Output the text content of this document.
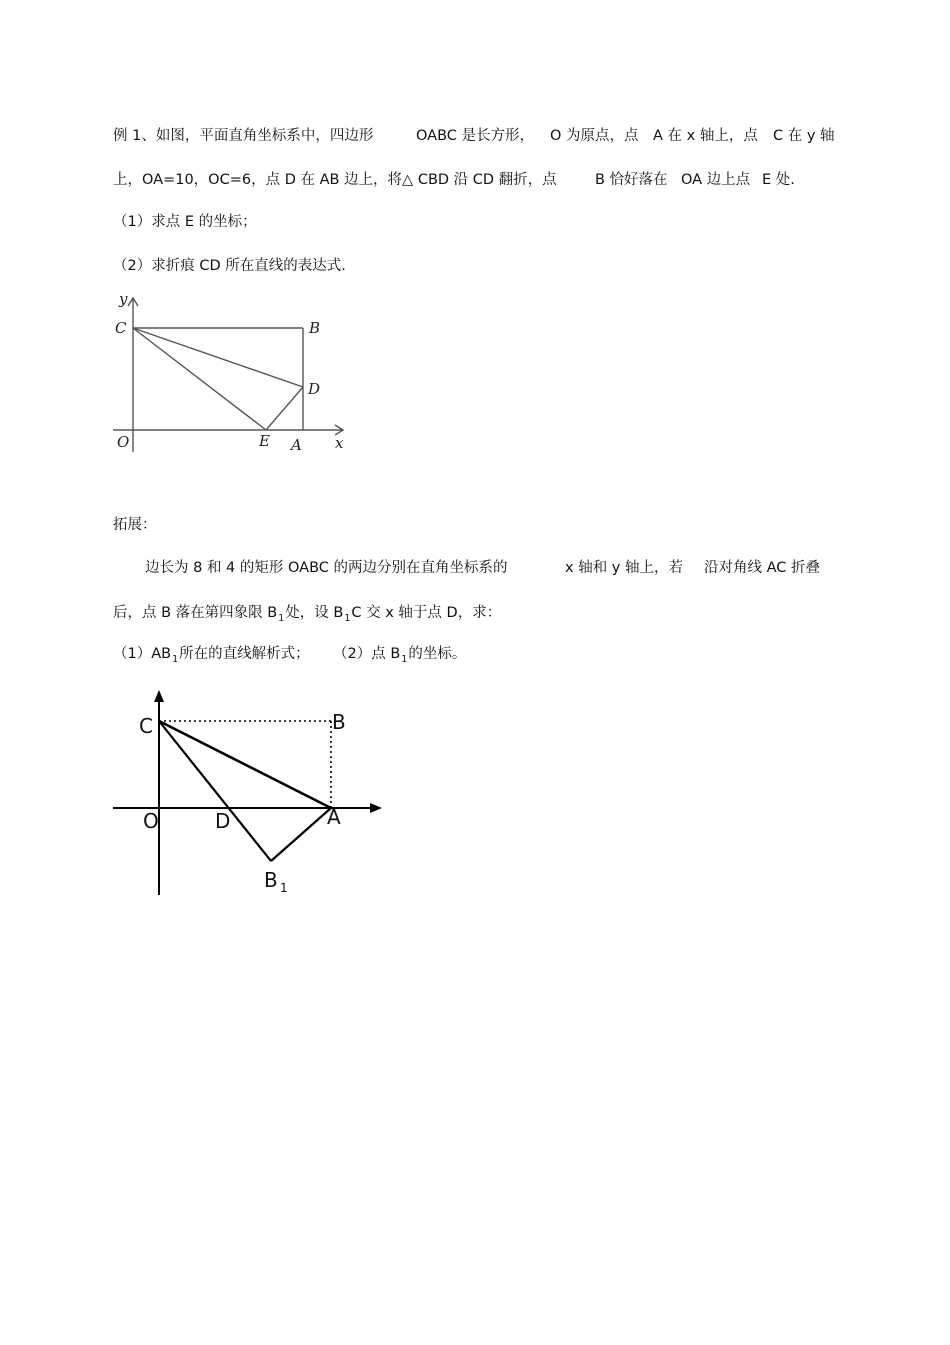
例 1、如图，平面直角坐标系中，四边形	OABC 是长方形， O 为原点，点 A 在 x 轴上，点 C 在 y 轴
上，OA=10，OC=6，点 D 在 AB 边上，将△ CBD 沿 CD 翻折，点	B 恰好落在 OA 边上点 E 处.
（1）求点 E 的坐标；
（2）求折痕 CD 所在直线的表达式.
y
C	B
D
O	E A x
拓展：
边长为 8 和 4 的矩形 OABC 的两边分别在直角坐标系的	x 轴和 y 轴上，若 沿对角线 AC 折叠
后，点 B 落在第四象限 $B_1$处，设 $B_1C$ 交 x 轴于点 D，求：
$(1)AB_1$所在的直线解析式； （2）点 $B_1$的坐标。
C	B
O	D	A
B 1
